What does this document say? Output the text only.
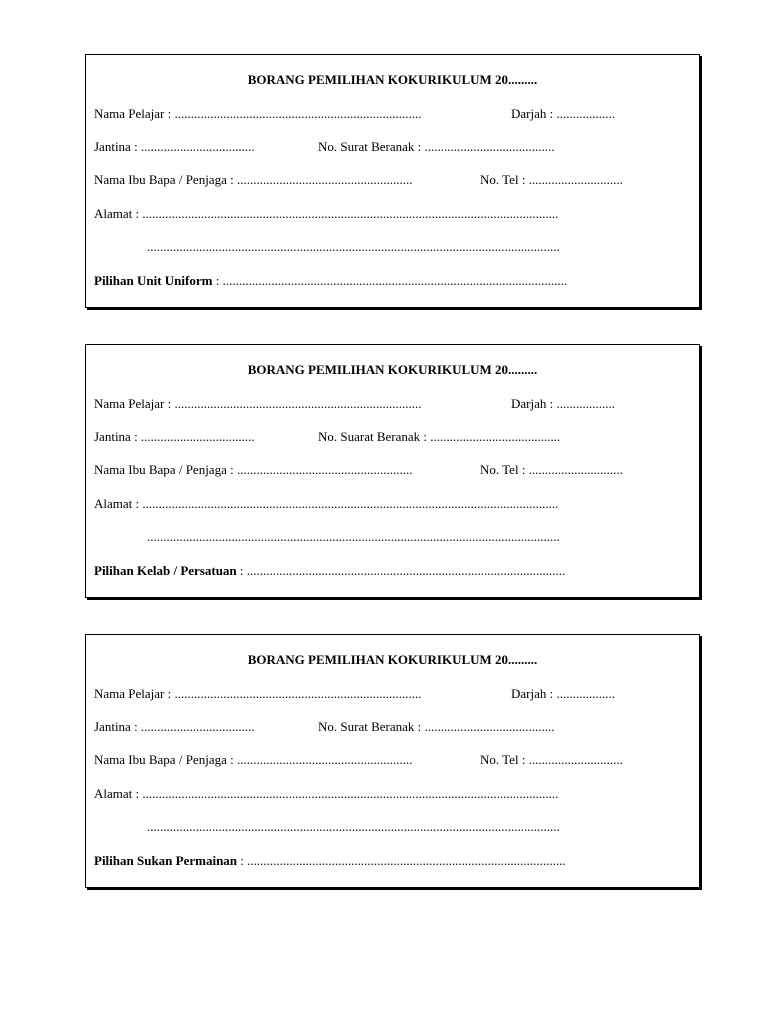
BORANG PEMILIHAN KOKURIKULUM 20.........
Nama Pelajar : ............................................................................	Darjah : ..................
Jantina : ...................................	No. Surat Beranak : ........................................
Nama Ibu Bapa / Penjaga : ......................................................	No. Tel : .............................
Alamat : ................................................................................................................................
...............................................................................................................................
Pilihan Unit Uniform : ..........................................................................................................
BORANG PEMILIHAN KOKURIKULUM 20.........
Nama Pelajar : ............................................................................	Darjah : ..................
Jantina : ...................................	No. Suarat Beranak : ........................................
Nama Ibu Bapa / Penjaga : ......................................................	No. Tel : .............................
Alamat : ................................................................................................................................
...............................................................................................................................
Pilihan Kelab / Persatuan : ..................................................................................................
BORANG PEMILIHAN KOKURIKULUM 20.........
Nama Pelajar : ............................................................................	Darjah : ..................
Jantina : ...................................	No. Surat Beranak : ........................................
Nama Ibu Bapa / Penjaga : ......................................................	No. Tel : .............................
Alamat : ................................................................................................................................
...............................................................................................................................
Pilihan Sukan Permainan : ..................................................................................................
